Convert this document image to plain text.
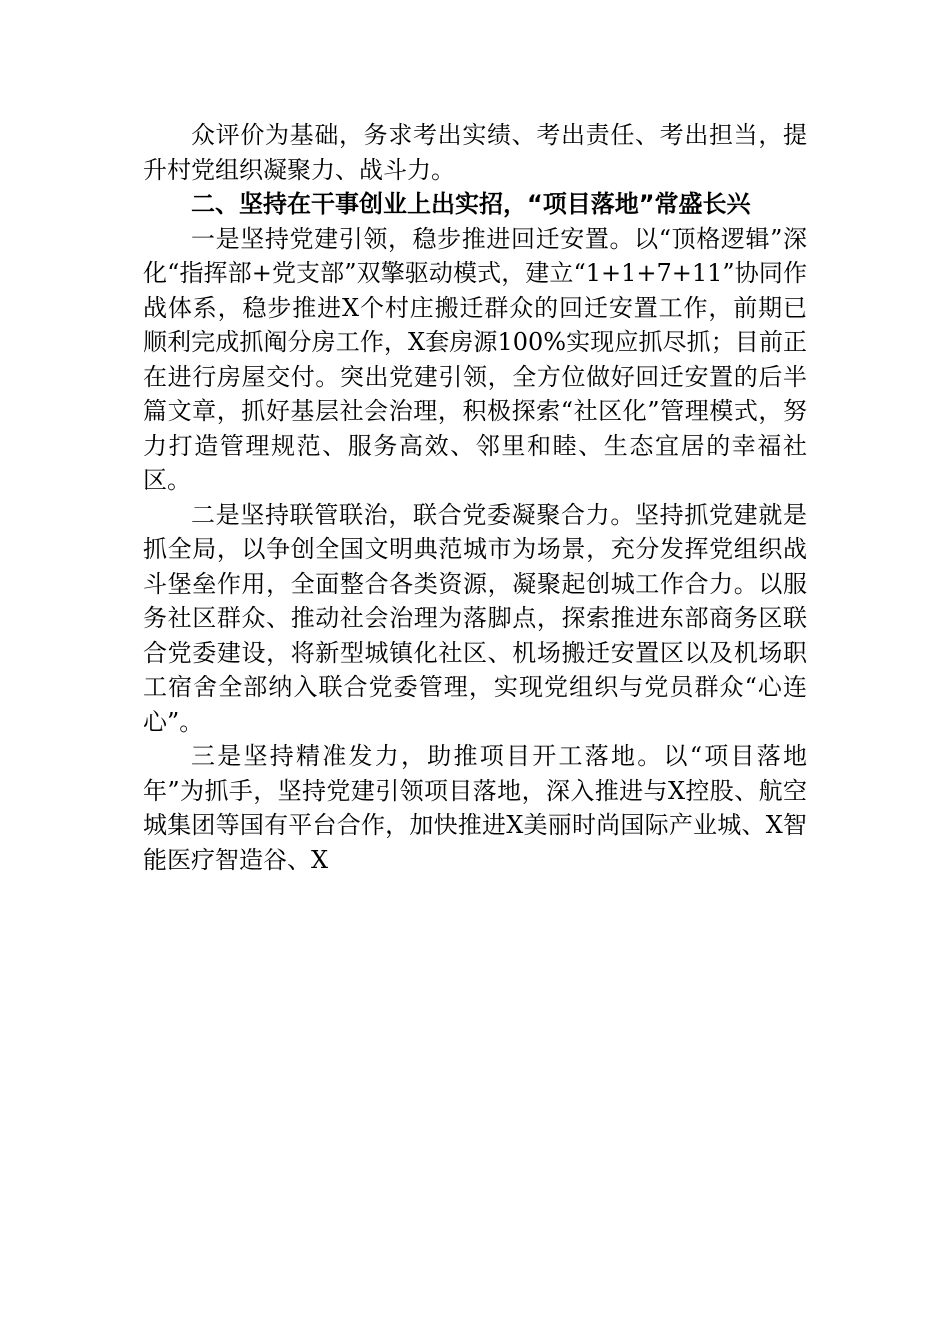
众评价为基础，务求考出实绩、考出责任、考出担当，提升村党组织凝聚力、战斗力。

二、坚持在干事创业上出实招，“项目落地”常盛长兴

一是坚持党建引领，稳步推进回迁安置。以“顶格逻辑”深化“指挥部+党支部”双擎驱动模式，建立“1+1+7+11”协同作战体系，稳步推进X个村庄搬迁群众的回迁安置工作，前期已顺利完成抓阄分房工作，X套房源100%实现应抓尽抓；目前正在进行房屋交付。突出党建引领，全方位做好回迁安置的后半篇文章，抓好基层社会治理，积极探索“社区化”管理模式，努力打造管理规范、服务高效、邻里和睦、生态宜居的幸福社区。

二是坚持联管联治，联合党委凝聚合力。坚持抓党建就是抓全局，以争创全国文明典范城市为场景，充分发挥党组织战斗堡垒作用，全面整合各类资源，凝聚起创城工作合力。以服务社区群众、推动社会治理为落脚点，探索推进东部商务区联合党委建设，将新型城镇化社区、机场搬迁安置区以及机场职工宿舍全部纳入联合党委管理，实现党组织与党员群众“心连心”。

三是坚持精准发力，助推项目开工落地。以“项目落地年”为抓手，坚持党建引领项目落地，深入推进与X控股、航空城集团等国有平台合作，加快推进X美丽时尚国际产业城、X智能医疗智造谷、X
